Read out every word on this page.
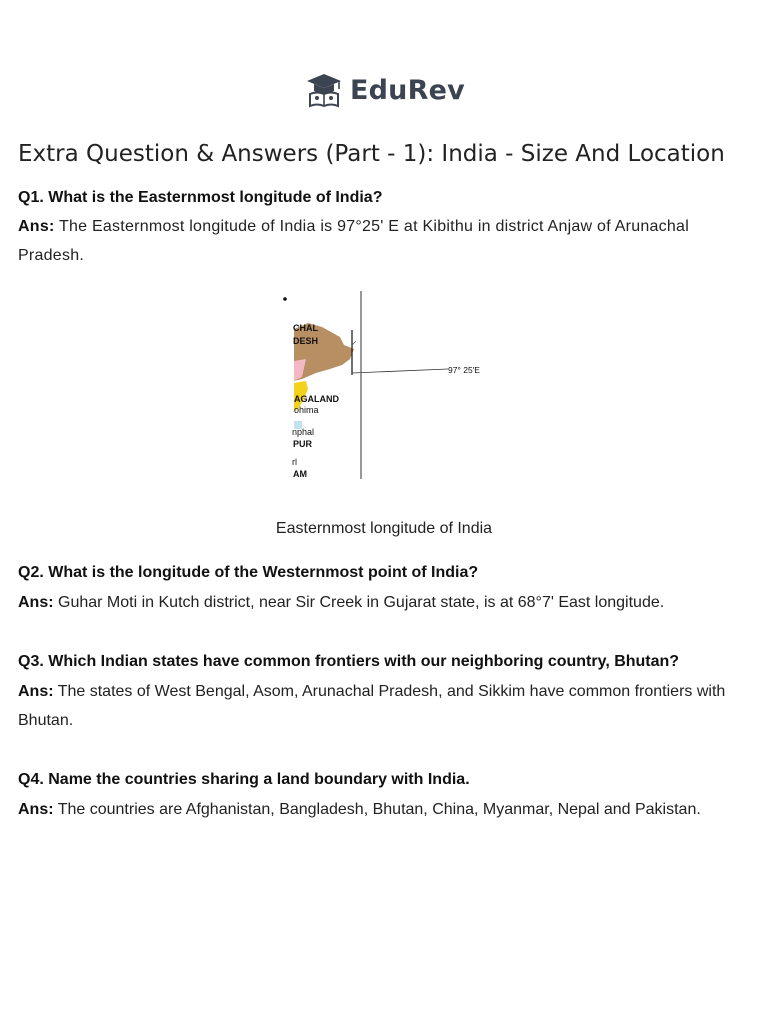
EduRev
Extra Question & Answers (Part - 1): India - Size And Location

Q1. What is the Easternmost longitude of India?

Ans: The Easternmost longitude of India is 97°25' E at Kibithu in district Anjaw of Arunachal Pradesh.

CHAL
DESH
AGALAND
PUR
AM
ohima
nphal
rl
97° 25'E
Easternmost longitude of India

Q2. What is the longitude of the Westernmost point of India?

Ans: Guhar Moti in Kutch district, near Sir Creek in Gujarat state, is at 68°7' East longitude.

Q3. Which Indian states have common frontiers with our neighboring country, Bhutan?

Ans: The states of West Bengal, Asom, Arunachal Pradesh, and Sikkim have common frontiers with Bhutan.

Q4. Name the countries sharing a land boundary with India.

Ans: The countries are Afghanistan, Bangladesh, Bhutan, China, Myanmar, Nepal and Pakistan.
